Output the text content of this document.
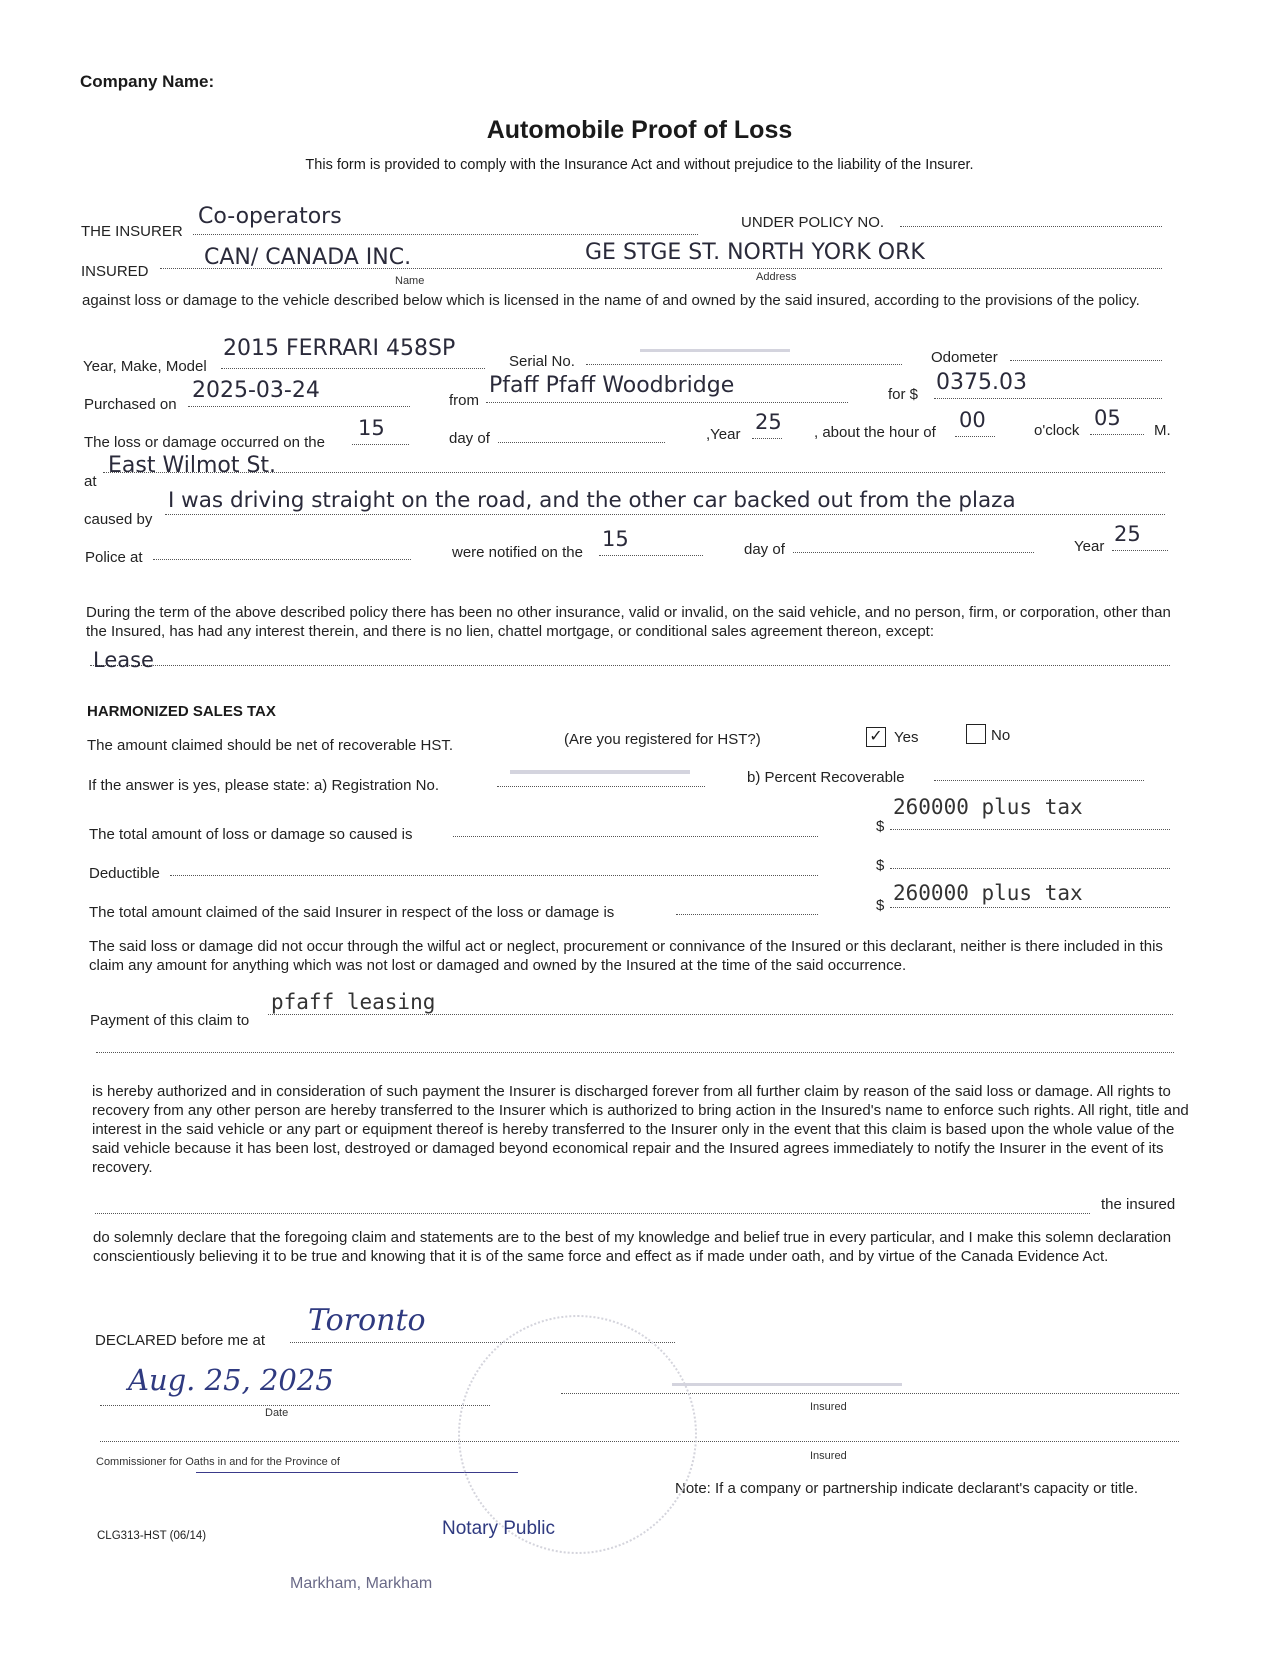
Company Name:
Automobile Proof of Loss
This form is provided to comply with the Insurance Act and without prejudice to the liability of the Insurer.
THE INSURER
Co-operators	UNDER POLICY NO.
INSURED
CAN/ CANADA INC.	GE STGE ST. NORTH YORK ORK
Name	Address
against loss or damage to the vehicle described below which is licensed in the name of and owned by the said insured, according to the provisions of the policy.
Year, Make, Model
2015 FERRARI 458SP
Serial No.	Odometer
Purchased on
2025-03-24	from
Pfaff Pfaff Woodbridge	for $ 0375.03
The loss or damage occurred on the
15	day of	,Year
25 , about the hour of
00	o'clock
05
M.
at
East Wilmot St.
caused by
I was driving straight on the road, and the other car backed out from the plaza
Police at	were notified on the
15	day of	Year
25
During the term of the above described policy there has been no other insurance, valid or invalid, on the said vehicle, and no person, firm, or corporation, other than the Insured, has had any interest therein, and there is no lien, chattel mortgage, or conditional sales agreement thereon, except:
Lease
HARMONIZED SALES TAX
The amount claimed should be net of recoverable HST.	(Are you registered for HST?)	✓ Yes	No
If the answer is yes, please state: a) Registration No.	b) Percent Recoverable
The total amount of loss or damage so caused is	$
260000 plus tax
Deductible	$
The total amount claimed of the said Insurer in respect of the loss or damage is	$
260000 plus tax
The said loss or damage did not occur through the wilful act or neglect, procurement or connivance of the Insured or this declarant, neither is there included in this claim any amount for anything which was not lost or damaged and owned by the Insured at the time of the said occurrence.
Payment of this claim to
pfaff leasing
is hereby authorized and in consideration of such payment the Insurer is discharged forever from all further claim by reason of the said loss or damage. All rights to recovery from any other person are hereby transferred to the Insurer which is authorized to bring action in the Insured's name to enforce such rights. All right, title and interest in the said vehicle or any part or equipment thereof is hereby transferred to the Insurer only in the event that this claim is based upon the whole value of the said vehicle because it has been lost, destroyed or damaged beyond economical repair and the Insured agrees immediately to notify the Insurer in the event of its recovery.
the insured
do solemnly declare that the foregoing claim and statements are to the best of my knowledge and belief true in every particular, and I make this solemn declaration conscientiously believing it to be true and knowing that it is of the same force and effect as if made under oath, and by virtue of the Canada Evidence Act.
DECLARED before me at
Toronto
Aug. 25, 2025
Date	Insured
Insured
Commissioner for Oaths in and for the Province of
Note: If a company or partnership indicate declarant's capacity or title.
Notary Public
Markham, Markham
CLG313-HST (06/14)
